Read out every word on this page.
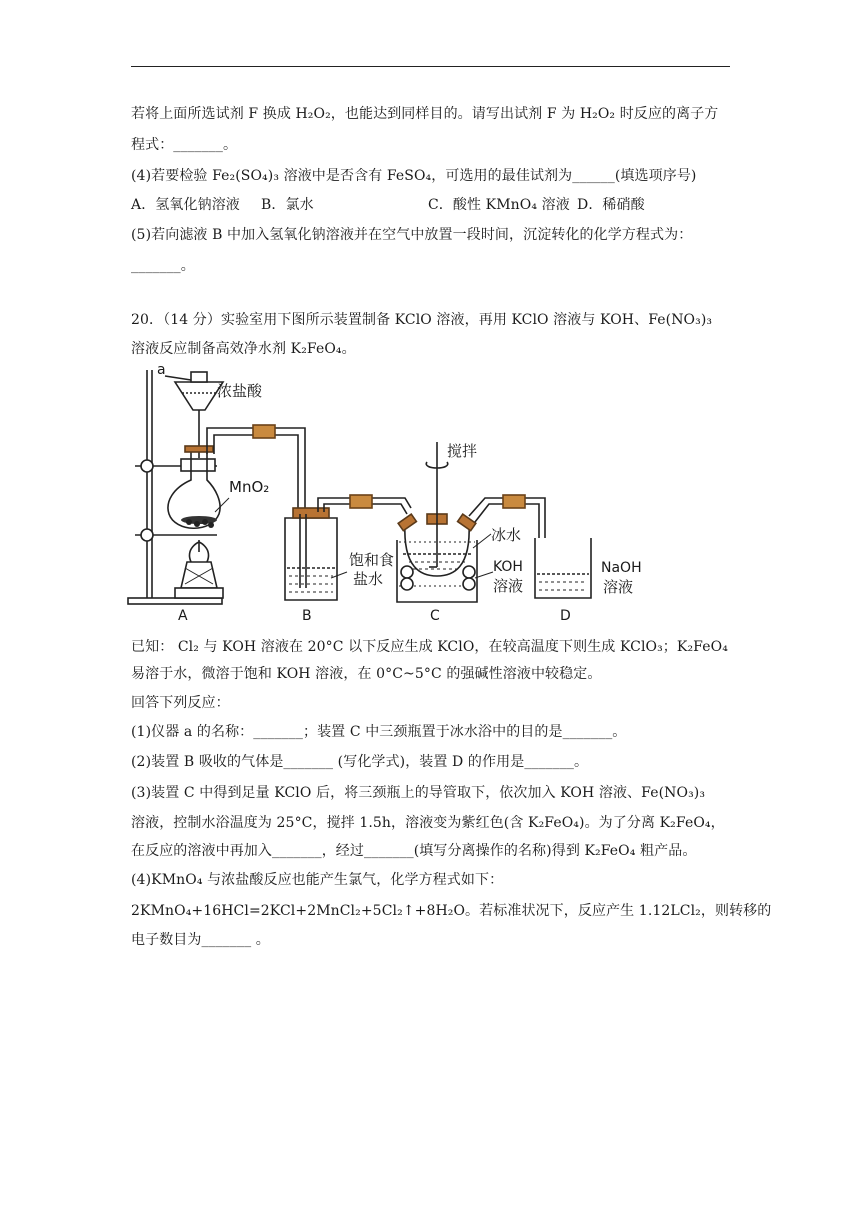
若将上面所选试剂 F 换成 H₂O₂，也能达到同样目的。请写出试剂 F 为 H₂O₂ 时反应的离子方
程式：_______。
(4)若要检验 Fe₂(SO₄)₃ 溶液中是否含有 FeSO₄，可选用的最佳试剂为______(填选项序号)
A．氢氧化钠溶液 B．氯水	C．酸性 KMnO₄ 溶液 D．稀硝酸
(5)若向滤液 B 中加入氢氧化钠溶液并在空气中放置一段时间，沉淀转化的化学方程式为：
_______。
20．（14 分）实验室用下图所示装置制备 KClO 溶液，再用 KClO 溶液与 KOH、Fe(NO₃)₃
溶液反应制备高效净水剂 K₂FeO₄。
a
浓盐酸
MnO₂
搅拌
饱和食
盐水
冰水
KOH
溶液
NaOH
溶液
A	B	C	D
已知： Cl₂ 与 KOH 溶液在 20°C 以下反应生成 KClO，在较高温度下则生成 KClO₃；K₂FeO₄
易溶于水，微溶于饱和 KOH 溶液，在 0°C~5°C 的强碱性溶液中较稳定。
回答下列反应：
(1)仪器 a 的名称：_______；装置 C 中三颈瓶置于冰水浴中的目的是_______。
(2)装置 B 吸收的气体是_______ (写化学式)，装置 D 的作用是_______。
(3)装置 C 中得到足量 KClO 后，将三颈瓶上的导管取下，依次加入 KOH 溶液、Fe(NO₃)₃
溶液，控制水浴温度为 25°C，搅拌 1.5h，溶液变为紫红色(含 K₂FeO₄)。为了分离 K₂FeO₄，
在反应的溶液中再加入_______，经过_______(填写分离操作的名称)得到 K₂FeO₄ 粗产品。
(4)KMnO₄ 与浓盐酸反应也能产生氯气，化学方程式如下：
2KMnO₄+16HCl=2KCl+2MnCl₂+5Cl₂↑+8H₂O。若标准状况下，反应产生 1.12LCl₂，则转移的
电子数目为_______ 。
